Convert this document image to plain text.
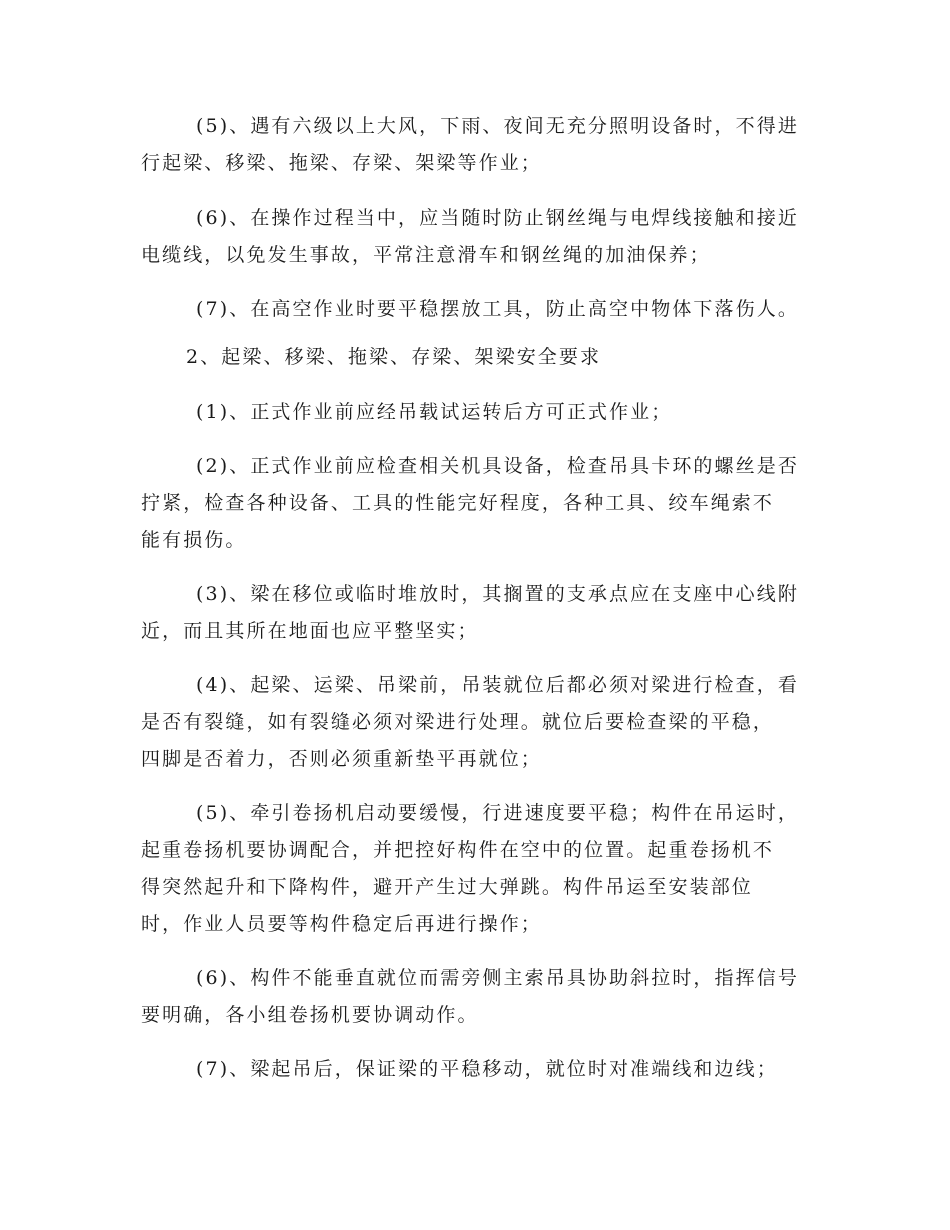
(5)、遇有六级以上大风，下雨、夜间无充分照明设备时，不得进

行起梁、移梁、拖梁、存梁、架梁等作业；

(6)、在操作过程当中，应当随时防止钢丝绳与电焊线接触和接近

电缆线，以免发生事故，平常注意滑车和钢丝绳的加油保养；

(7)、在高空作业时要平稳摆放工具，防止高空中物体下落伤人。

2、起梁、移梁、拖梁、存梁、架梁安全要求

(1)、正式作业前应经吊载试运转后方可正式作业；

(2)、正式作业前应检查相关机具设备，检查吊具卡环的螺丝是否

拧紧，检查各种设备、工具的性能完好程度，各种工具、绞车绳索不

能有损伤。

(3)、梁在移位或临时堆放时，其搁置的支承点应在支座中心线附

近，而且其所在地面也应平整坚实；

(4)、起梁、运梁、吊梁前，吊装就位后都必须对梁进行检查，看

是否有裂缝，如有裂缝必须对梁进行处理。就位后要检查梁的平稳，

四脚是否着力，否则必须重新垫平再就位；

(5)、牵引卷扬机启动要缓慢，行进速度要平稳；构件在吊运时，

起重卷扬机要协调配合，并把控好构件在空中的位置。起重卷扬机不

得突然起升和下降构件，避开产生过大弹跳。构件吊运至安装部位

时，作业人员要等构件稳定后再进行操作；

(6)、构件不能垂直就位而需旁侧主索吊具协助斜拉时，指挥信号

要明确，各小组卷扬机要协调动作。

(7)、梁起吊后，保证梁的平稳移动，就位时对准端线和边线；
